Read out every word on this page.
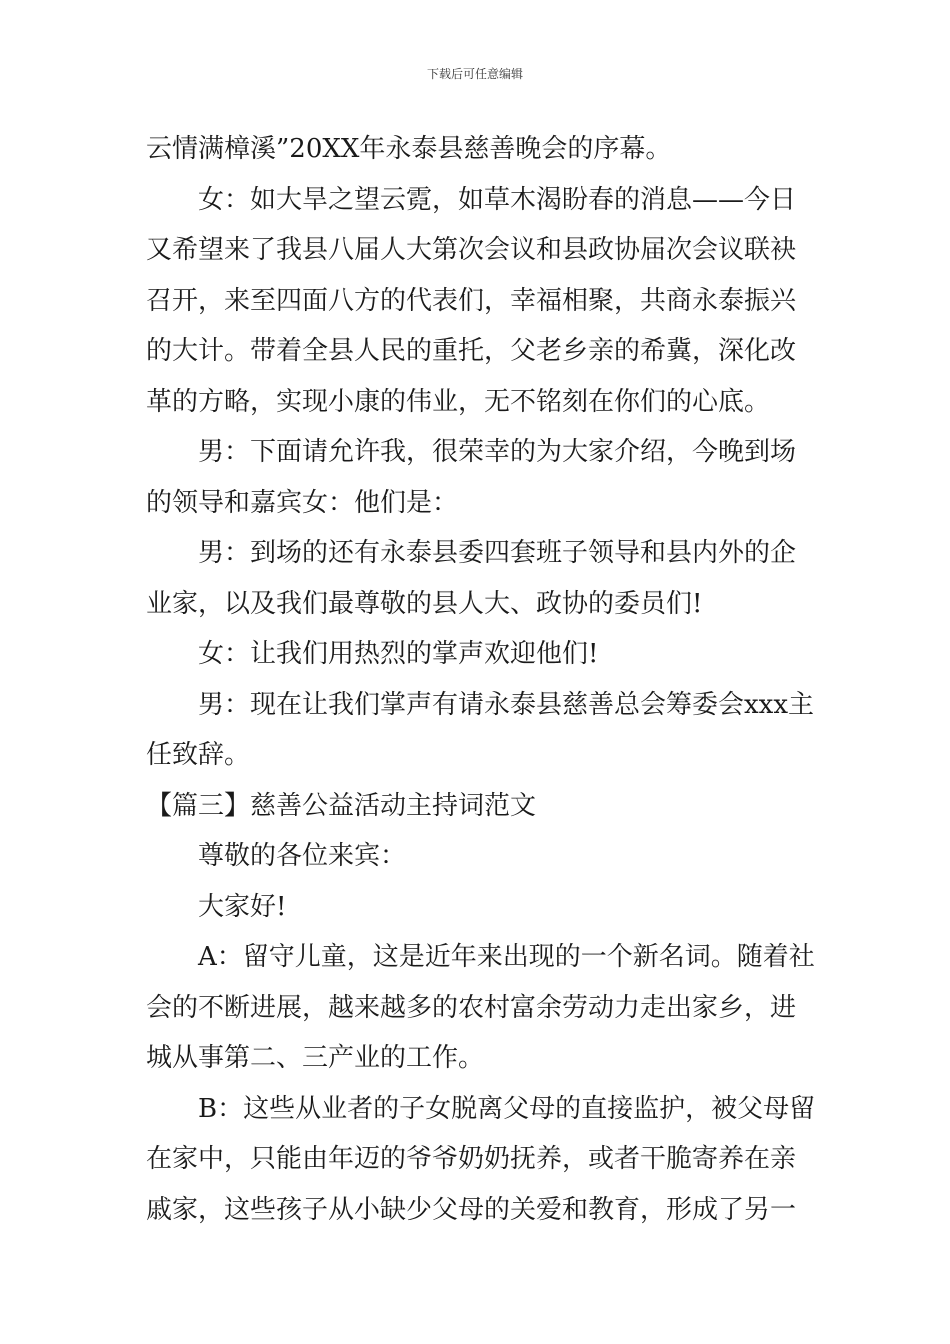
下载后可任意编辑
云情满樟溪”20XX年永泰县慈善晚会的序幕。
女：如大旱之望云霓，如草木渴盼春的消息——今日
又希望来了我县八届人大第次会议和县政协届次会议联袂
召开，来至四面八方的代表们，幸福相聚，共商永泰振兴
的大计。带着全县人民的重托，父老乡亲的希冀，深化改
革的方略，实现小康的伟业，无不铭刻在你们的心底。
男：下面请允许我，很荣幸的为大家介绍，今晚到场
的领导和嘉宾女：他们是：
男：到场的还有永泰县委四套班子领导和县内外的企
业家，以及我们最尊敬的县人大、政协的委员们!
女：让我们用热烈的掌声欢迎他们!
男：现在让我们掌声有请永泰县慈善总会筹委会xxx主
任致辞。
【篇三】慈善公益活动主持词范文
尊敬的各位来宾：
大家好!
A：留守儿童，这是近年来出现的一个新名词。随着社
会的不断进展，越来越多的农村富余劳动力走出家乡，进
城从事第二、三产业的工作。
B：这些从业者的子女脱离父母的直接监护，被父母留
在家中，只能由年迈的爷爷奶奶抚养，或者干脆寄养在亲
戚家，这些孩子从小缺少父母的关爱和教育，形成了另一
